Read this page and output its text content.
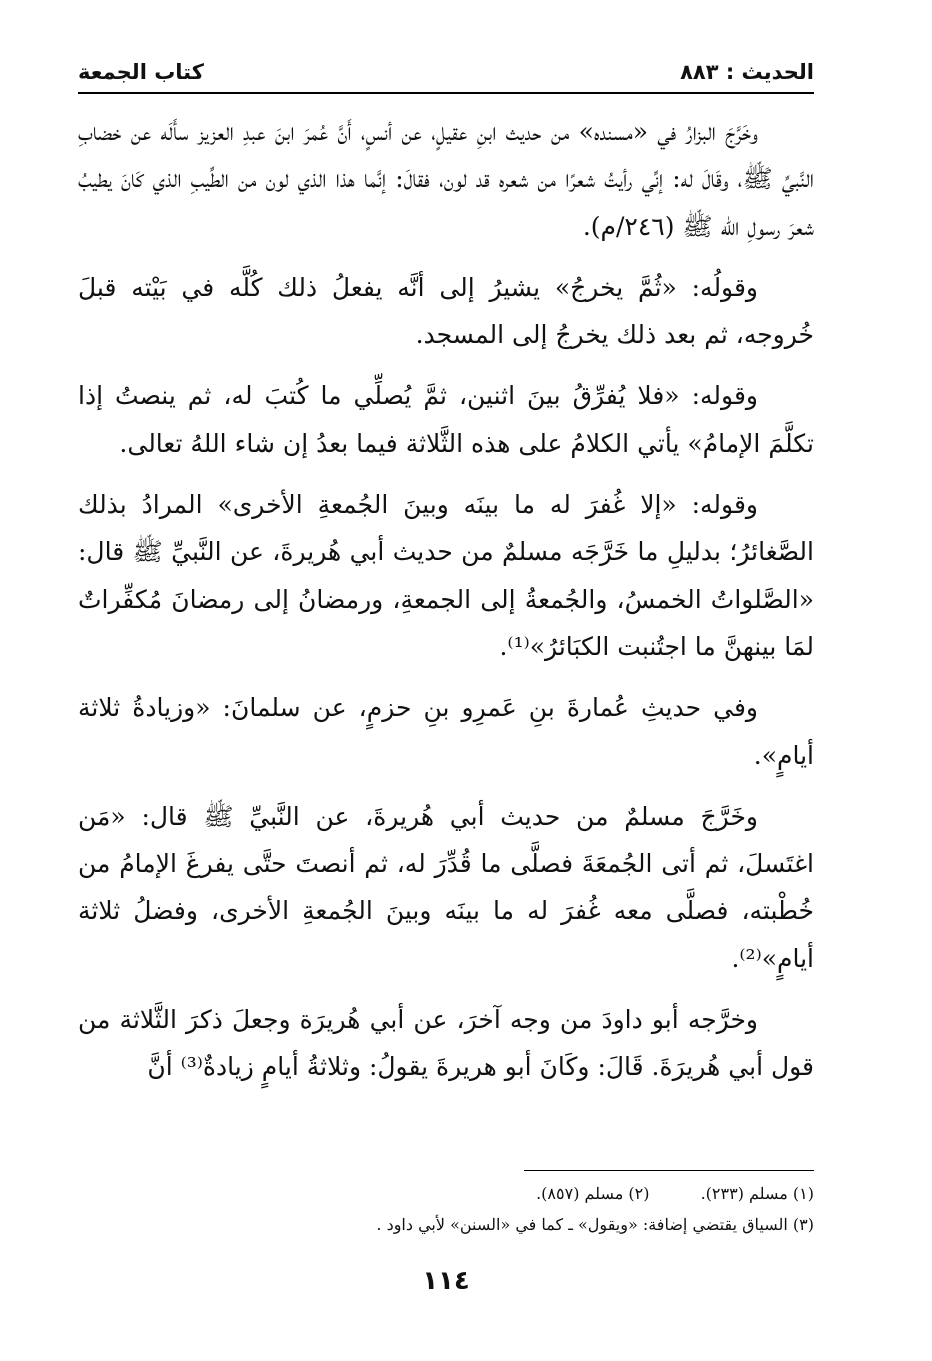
الحديث : ٨٨٣
كتاب الجمعة

وخَرَّجَ البزارُ في «مسنده» من حديث ابنِ عقيلٍ، عن أنسٍ، أَنَّ عُمرَ ابنَ عبدِ العزيز سأَلَه عن خضابِ النَّبيِّ ﷺ، وقَالَ له: إنِّي رأيتُ شعرًا من شعره قد لون، فقالَ: إنَّما هذا الذي لون من الطِّيبِ الذي كَانَ يطيبُ شعرَ رسولِ الله ﷺ (٢٤٦/م).

وقولُه: «ثُمَّ يخرجُ» يشيرُ إلى أنَّه يفعلُ ذلك كُلَّه في بَيْته قبلَ خُروجه، ثم بعد ذلك يخرجُ إلى المسجد.

وقوله: «فلا يُفرِّقُ بينَ اثنين، ثمَّ يُصلِّي ما كُتبَ له، ثم ينصتُ إذا تكلَّمَ الإمامُ» يأتي الكلامُ على هذه الثَّلاثة فيما بعدُ إن شاء اللهُ تعالى.

وقوله: «إلا غُفرَ له ما بينَه وبينَ الجُمعةِ الأخرى» المرادُ بذلك الصَّغائرُ؛ بدليلِ ما خَرَّجَه مسلمٌ من حديث أبي هُريرةَ، عن النَّبيِّ ﷺ قال: «الصَّلواتُ الخمسُ، والجُمعةُ إلى الجمعةِ، ورمضانُ إلى رمضانَ مُكفِّراتٌ لمَا بينهنَّ ما اجتُنبت الكبَائرُ»⁽¹⁾.

وفي حديثِ عُمارةَ بنِ عَمرِو بنِ حزمٍ، عن سلمانَ: «وزيادةُ ثلاثة أيامٍ».

وخَرَّجَ مسلمٌ من حديث أبي هُريرةَ، عن النَّبيِّ ﷺ قال: «مَن اغتَسلَ، ثم أتى الجُمعَةَ فصلَّى ما قُدِّرَ له، ثم أنصتَ حتَّى يفرغَ الإمامُ من خُطْبته، فصلَّى معه غُفرَ له ما بينَه وبينَ الجُمعةِ الأخرى، وفضلُ ثلاثة أيامٍ»⁽²⁾.

وخرَّجه أبو داودَ من وجه آخرَ، عن أبي هُريرَة وجعلَ ذكرَ الثَّلاثة من قول أبي هُريرَةَ. قَالَ: وكَانَ أبو هريرةَ يقولُ: وثلاثةُ أيامٍ زيادةٌ⁽³⁾ أنَّ

(١) مسلم (٢٣٣). (٢) مسلم (٨٥٧).
(٣) السياق يقتضي إضافة: «ويقول» ـ كما في «السنن» لأبي داود .
١١٤
